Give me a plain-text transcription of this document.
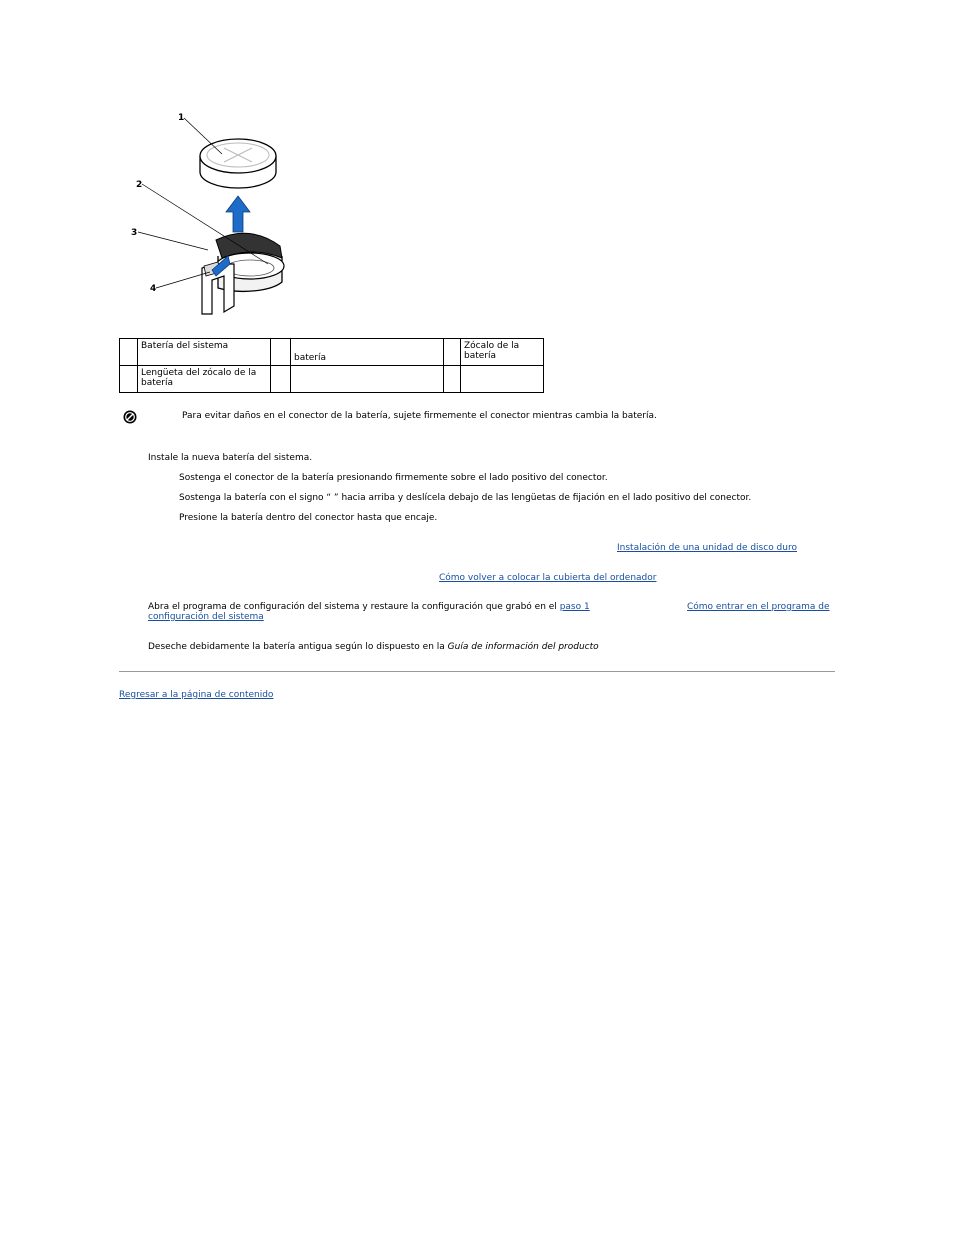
1
2
3
4
	Batería del sistema		batería		Zócalo de la batería
	Lengüeta del zócalo de la batería				
Para evitar daños en el conector de la batería, sujete firmemente el conector mientras cambia la batería.
Instale la nueva batería del sistema.
Sostenga el conector de la batería presionando firmemente sobre el lado positivo del conector.
Sostenga la batería con el signo “ ” hacia arriba y deslícela debajo de las lengüetas de fijación en el lado positivo del conector.
Presione la batería dentro del conector hasta que encaje.
Instalación de una unidad de disco duro
Cómo volver a colocar la cubierta del ordenador
Abra el programa de configuración del sistema y restaure la configuración que grabó en el paso 1	Cómo entrar en el programa de
configuración del sistema
Deseche debidamente la batería antigua según lo dispuesto en la Guía de información del producto
Regresar a la página de contenido
